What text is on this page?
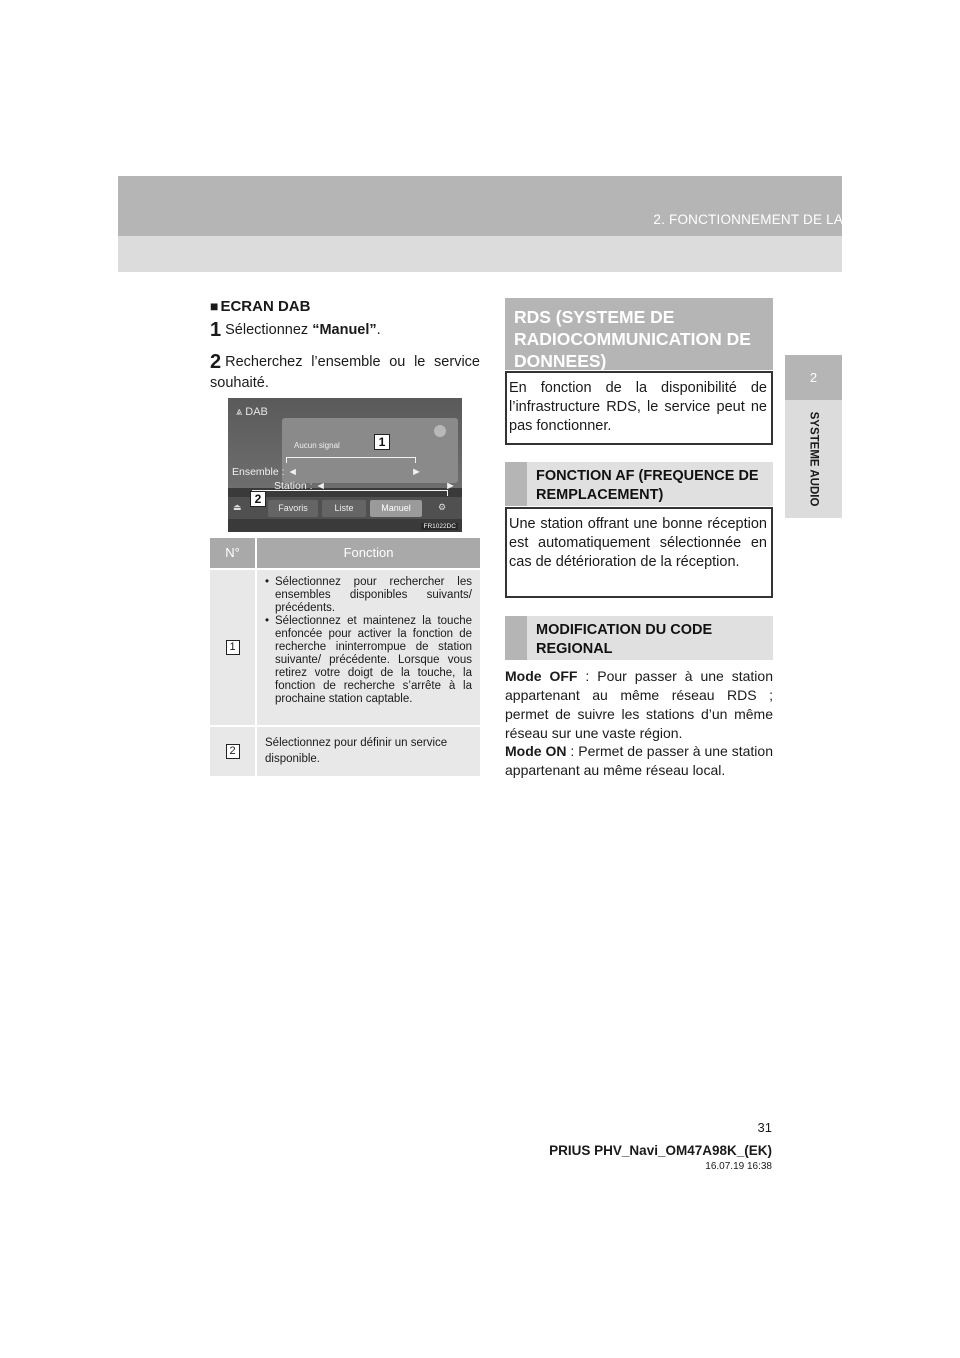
2. FONCTIONNEMENT DE LA RADIO
2
SYSTEME AUDIO
■ ECRAN DAB
1 Sélectionnez “Manuel”.
2 Recherchez l’ensemble ou le service souhaité.
⩓ DAB
Aucun signal
Ensemble : ◄	►
Station : ◄	►
⏏	Favoris	Liste	Manuel	⚙
FR1022DC
1
2
N°	Fonction
1
• Sélectionnez pour rechercher les ensembles disponibles suivants/ précédents.
• Sélectionnez et maintenez la touche enfoncée pour activer la fonction de recherche ininterrompue de station suivante/ précédente. Lorsque vous retirez votre doigt de la touche, la fonction de recherche s’arrête à la prochaine station captable.
2
Sélectionnez pour définir un service disponible.
RDS (SYSTEME DE RADIOCOMMUNICATION DE DONNEES)
En fonction de la disponibilité de l’infrastructure RDS, le service peut ne pas fonctionner.
FONCTION AF (FREQUENCE DE REMPLACEMENT)
Une station offrant une bonne réception est automatiquement sélectionnée en cas de détérioration de la réception.
MODIFICATION DU CODE REGIONAL
Mode OFF : Pour passer à une station appartenant au même réseau RDS ; permet de suivre les stations d’un même réseau sur une vaste région.
Mode ON : Permet de passer à une station appartenant au même réseau local.
31
PRIUS PHV_Navi_OM47A98K_(EK)
16.07.19 16:38
